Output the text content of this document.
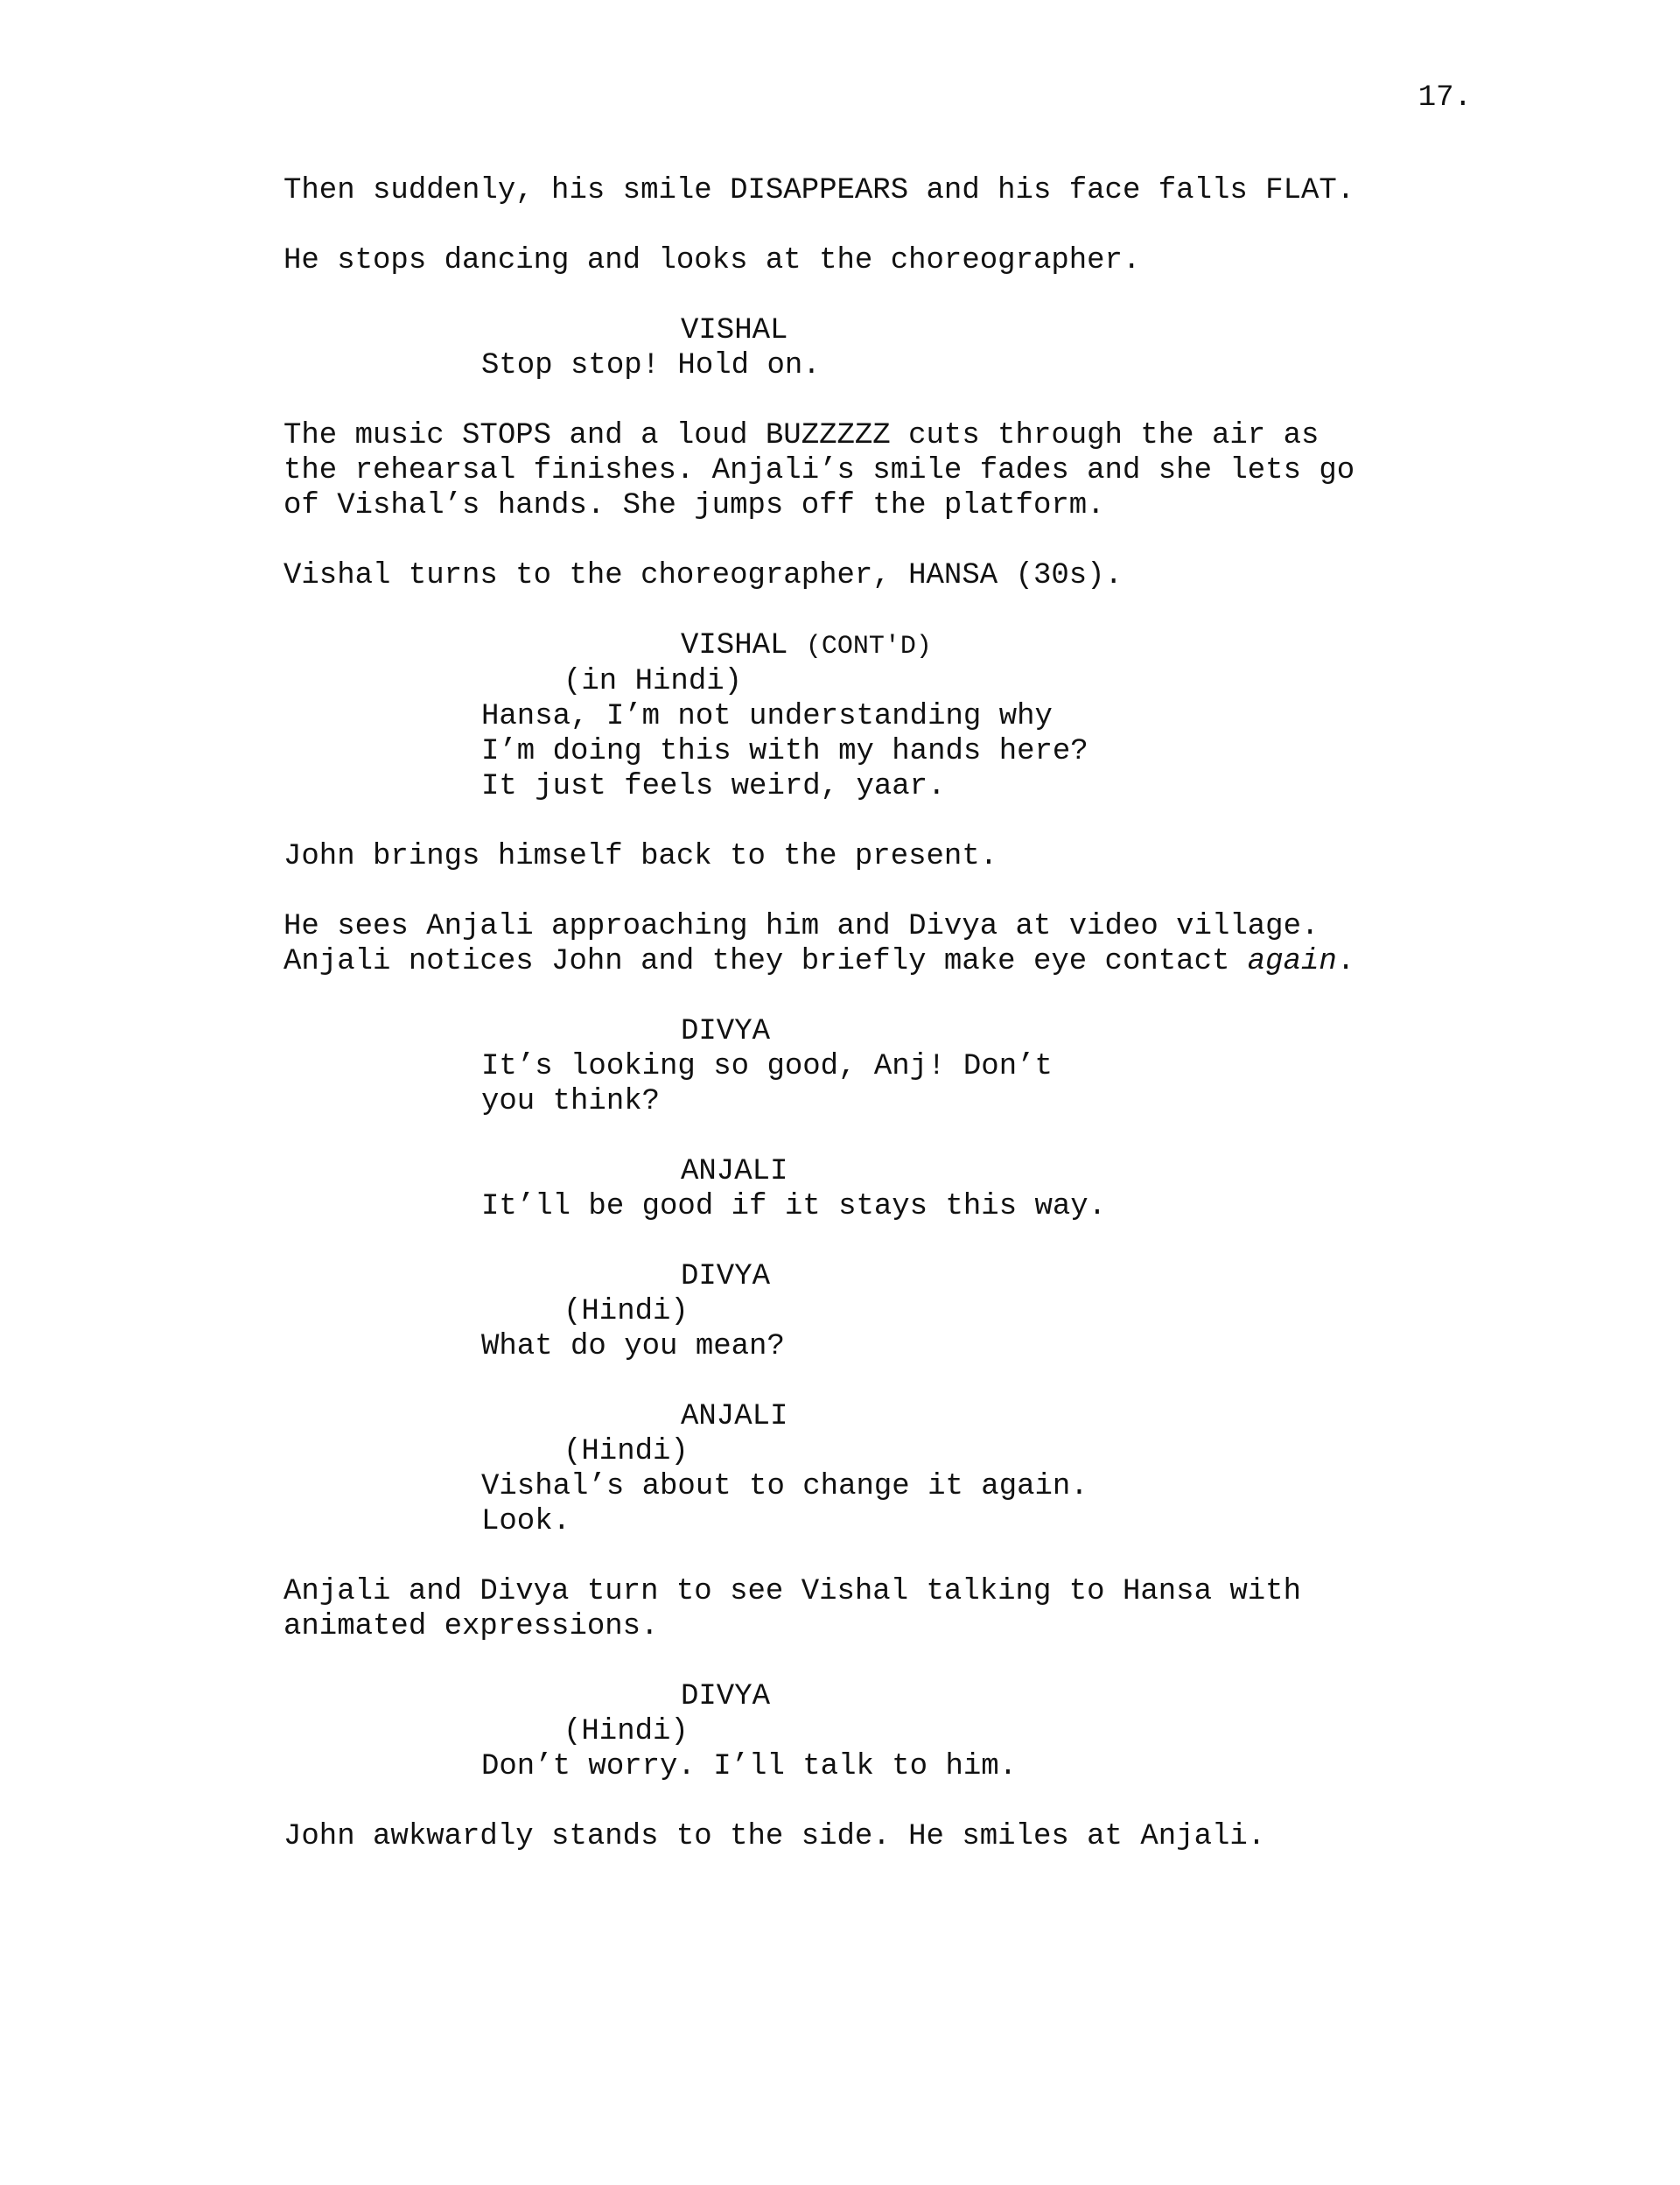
17.

Then suddenly, his smile DISAPPEARS and his face falls FLAT.

He stops dancing and looks at the choreographer.

VISHAL
Stop stop! Hold on.

The music STOPS and a loud BUZZZZZ cuts through the air as
the rehearsal finishes. Anjali’s smile fades and she lets go
of Vishal’s hands. She jumps off the platform.

Vishal turns to the choreographer, HANSA (30s).

VISHAL (CONT'D)
(in Hindi)
Hansa, I’m not understanding why
I’m doing this with my hands here?
It just feels weird, yaar.

John brings himself back to the present.

He sees Anjali approaching him and Divya at video village.
Anjali notices John and they briefly make eye contact again.

DIVYA
It’s looking so good, Anj! Don’t
you think?
ANJALI
It’ll be good if it stays this way.
DIVYA
(Hindi)
What do you mean?
ANJALI
(Hindi)
Vishal’s about to change it again.
Look.

Anjali and Divya turn to see Vishal talking to Hansa with
animated expressions.

DIVYA
(Hindi)
Don’t worry. I’ll talk to him.

John awkwardly stands to the side. He smiles at Anjali.
